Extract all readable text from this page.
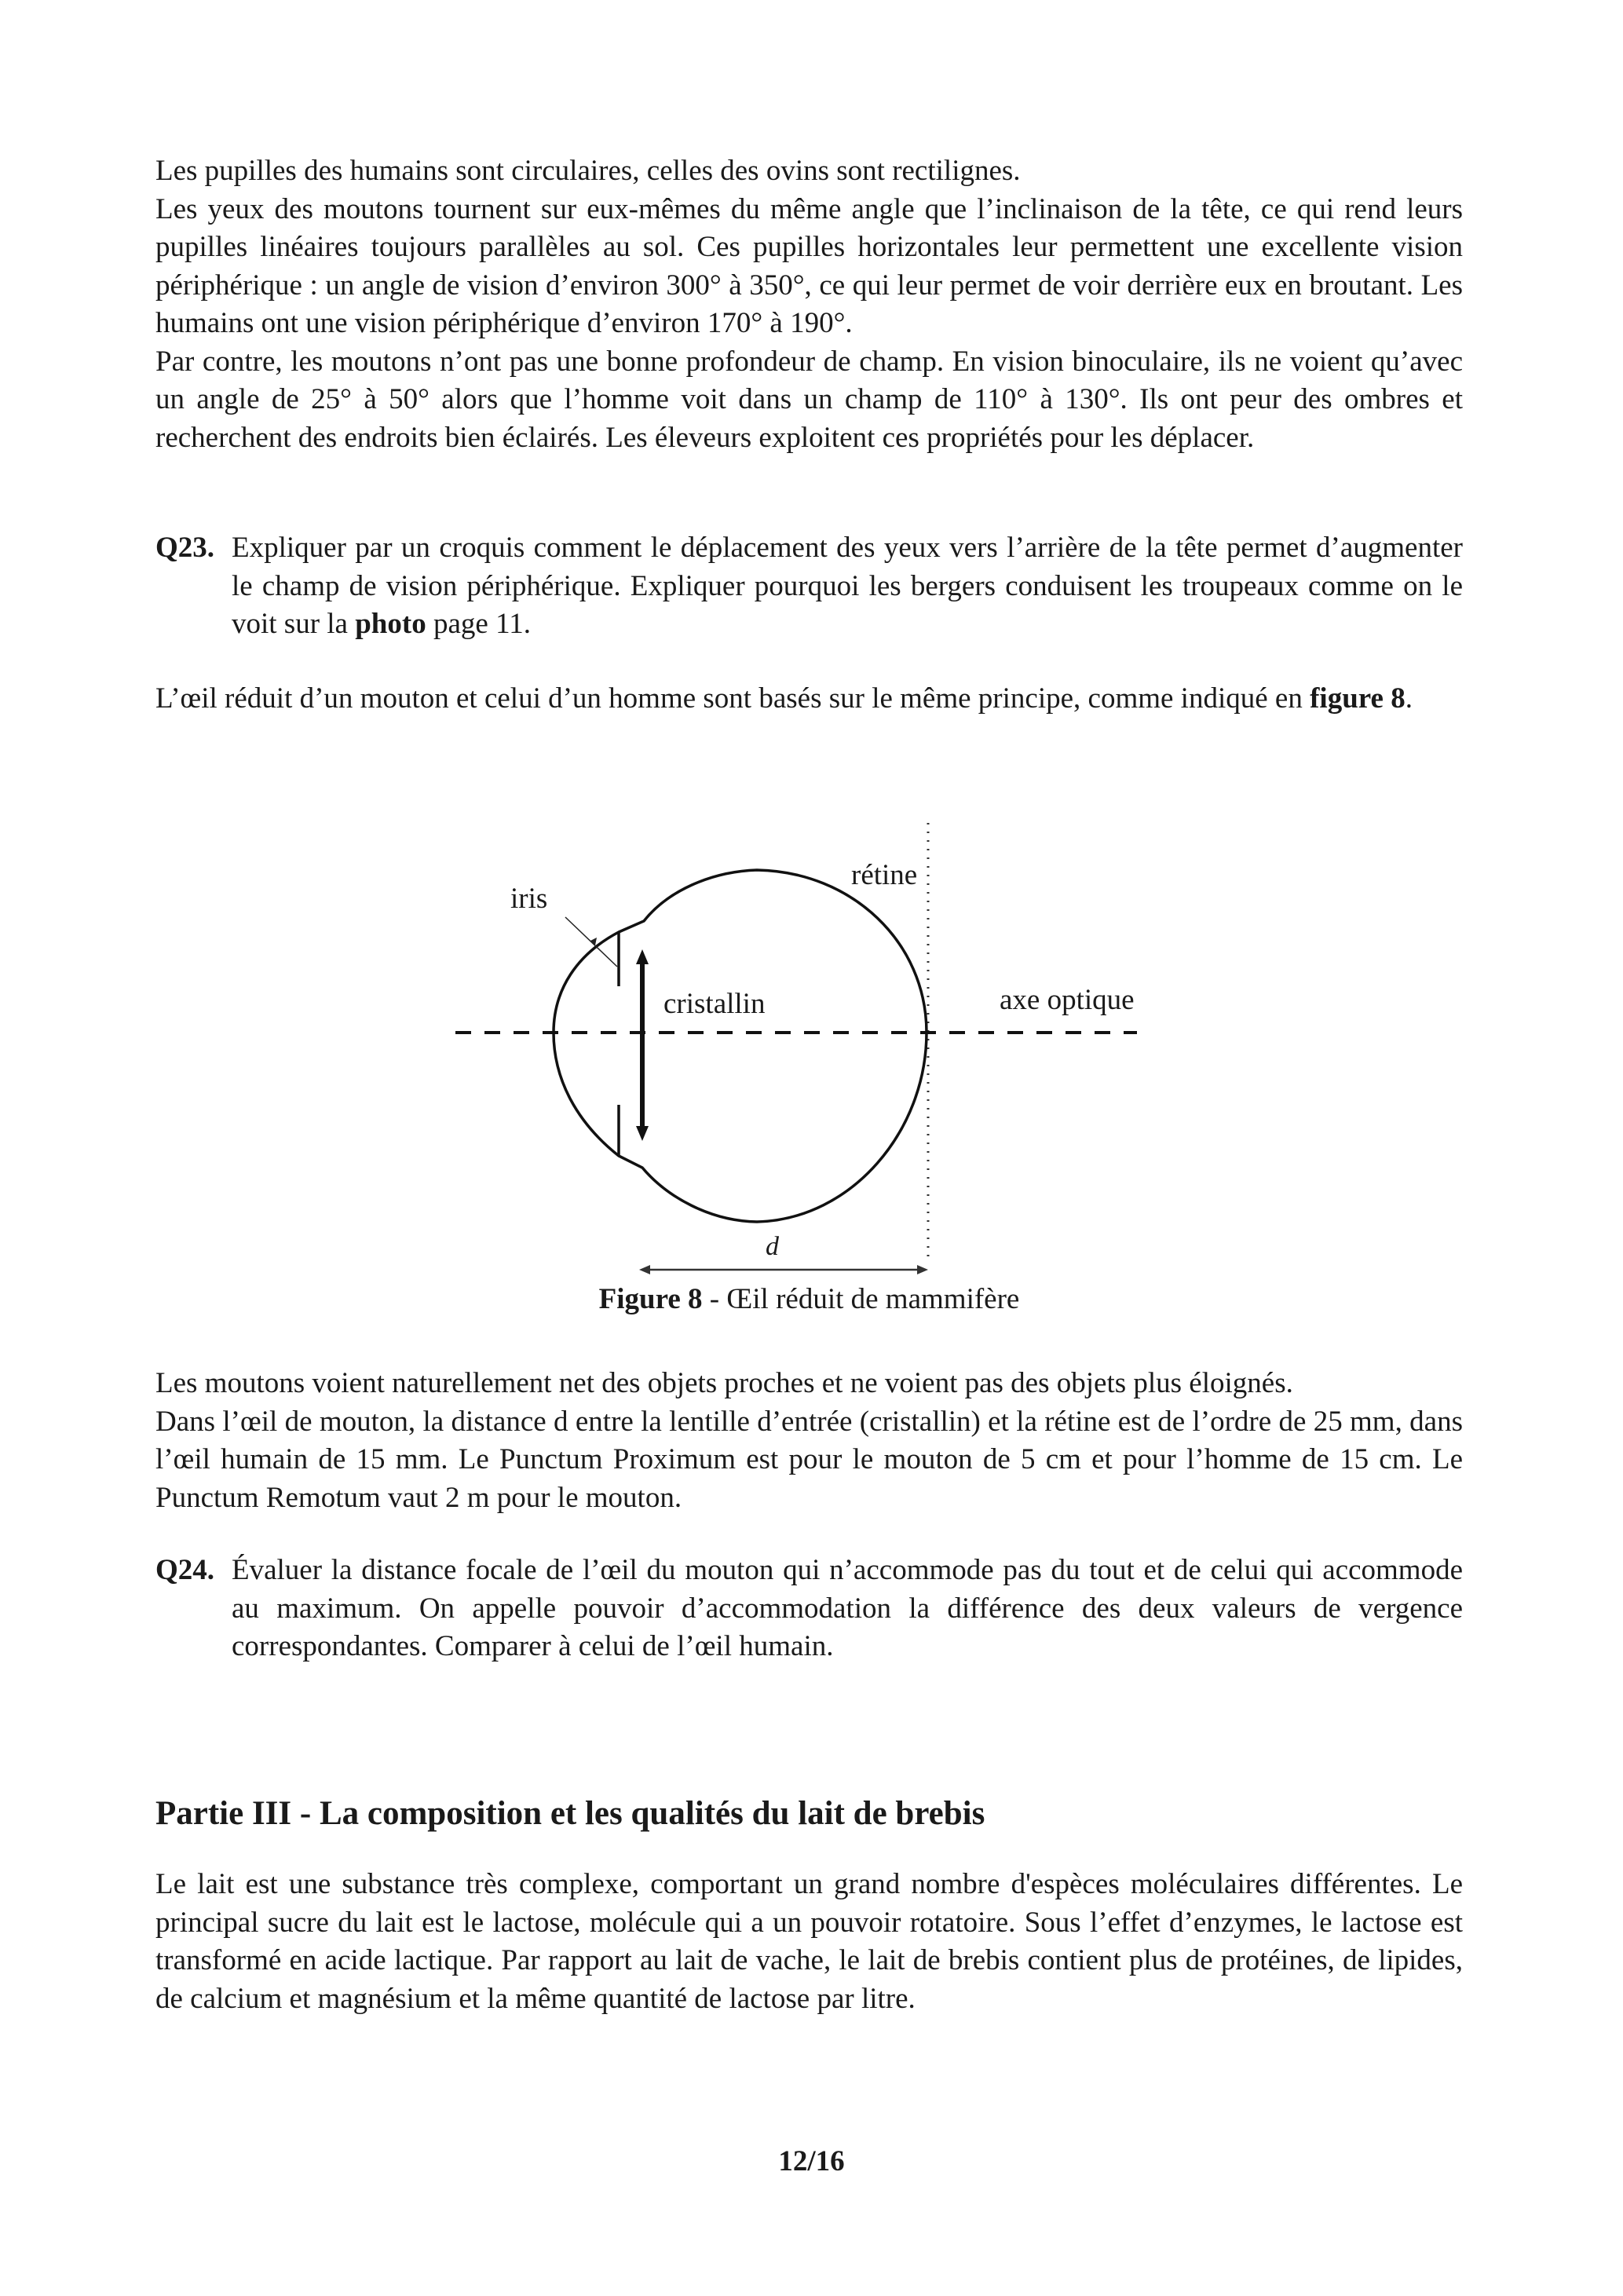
Les pupilles des humains sont circulaires, celles des ovins sont rectilignes.

Les yeux des moutons tournent sur eux-mêmes du même angle que l’inclinaison de la tête, ce qui rend leurs pupilles linéaires toujours parallèles au sol. Ces pupilles horizontales leur permettent une excellente vision périphérique : un angle de vision d’environ 300° à 350°, ce qui leur permet de voir derrière eux en broutant. Les humains ont une vision périphérique d’environ 170° à 190°.

Par contre, les moutons n’ont pas une bonne profondeur de champ. En vision binoculaire, ils ne voient qu’avec un angle de 25° à 50° alors que l’homme voit dans un champ de 110° à 130°. Ils ont peur des ombres et recherchent des endroits bien éclairés. Les éleveurs exploitent ces propriétés pour les déplacer.

Q23. Expliquer par un croquis comment le déplacement des yeux vers l’arrière de la tête permet d’augmenter le champ de vision périphérique. Expliquer pourquoi les bergers conduisent les troupeaux comme on le voit sur la photo page 11.
L’œil réduit d’un mouton et celui d’un homme sont basés sur le même principe, comme indiqué en figure 8.
iris
rétine
cristallin	axe optique
d
Figure 8 - Œil réduit de mammifère

Les moutons voient naturellement net des objets proches et ne voient pas des objets plus éloignés.

Dans l’œil de mouton, la distance d entre la lentille d’entrée (cristallin) et la rétine est de l’ordre de 25 mm, dans l’œil humain de 15 mm. Le Punctum Proximum est pour le mouton de 5 cm et pour l’homme de 15 cm. Le Punctum Remotum vaut 2 m pour le mouton.

Q24. Évaluer la distance focale de l’œil du mouton qui n’accommode pas du tout et de celui qui accommode au maximum. On appelle pouvoir d’accommodation la différence des deux valeurs de vergence correspondantes. Comparer à celui de l’œil humain.
Partie III - La composition et les qualités du lait de brebis
Le lait est une substance très complexe, comportant un grand nombre d'espèces moléculaires différentes. Le principal sucre du lait est le lactose, molécule qui a un pouvoir rotatoire. Sous l’effet d’enzymes, le lactose est transformé en acide lactique. Par rapport au lait de vache, le lait de brebis contient plus de protéines, de lipides, de calcium et magnésium et la même quantité de lactose par litre.
12/16
